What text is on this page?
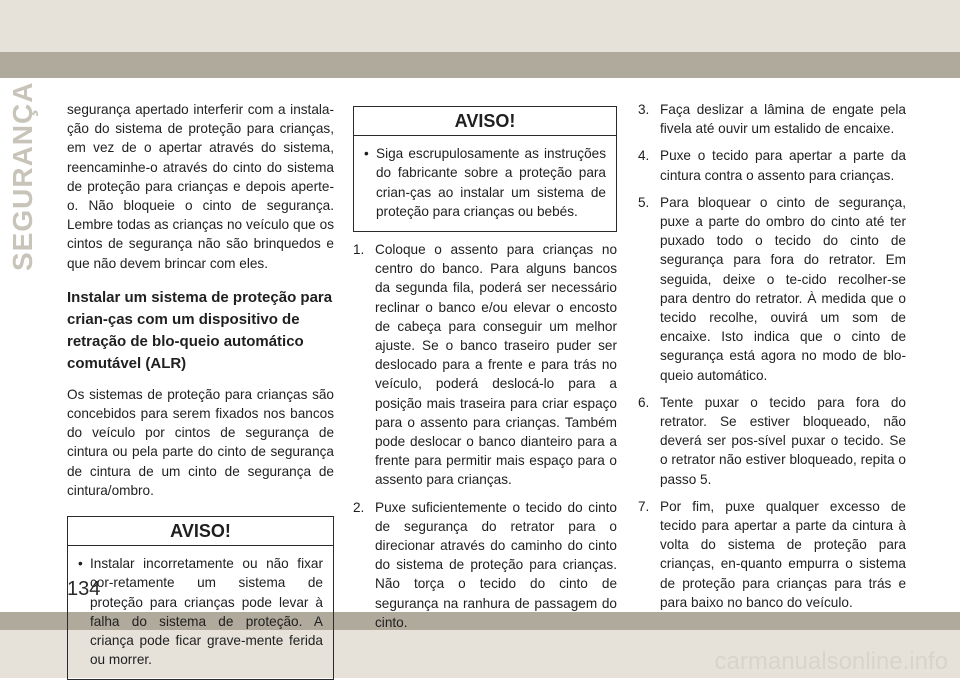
SEGURANÇA segurança apertado interferir com a instala-ção do sistema de proteção para crianças, em vez de o apertar através do sistema, reencaminhe-o através do cinto do sistema de proteção para crianças e depois aperte-o. Não bloqueie o cinto de segurança. Lembre todas as crianças no veículo que os cintos de segurança não são brinquedos e que não devem brincar com eles.

Instalar um sistema de proteção para crian-ças com um dispositivo de retração de blo-queio automático comutável (ALR)

Os sistemas de proteção para crianças são concebidos para serem fixados nos bancos do veículo por cintos de segurança de cintura ou pela parte do cinto de segurança de cintura de um cinto de segurança de cintura/ombro.

AVISO!
• Instalar incorretamente ou não fixar cor-retamente um sistema de proteção para crianças pode levar à falha do sistema de proteção. A criança pode ficar grave-mente ferida ou morrer.
AVISO!
• Siga escrupulosamente as instruções do fabricante sobre a proteção para crian-ças ao instalar um sistema de proteção para crianças ou bebés.
1. Coloque o assento para crianças no centro do banco. Para alguns bancos da segunda fila, poderá ser necessário reclinar o banco e/ou elevar o encosto de cabeça para conseguir um melhor ajuste. Se o banco traseiro puder ser deslocado para a frente e para trás no veículo, poderá deslocá-lo para a posição mais traseira para criar espaço para o assento para crianças. Também pode deslocar o banco dianteiro para a frente para permitir mais espaço para o assento para crianças.
2. Puxe suficientemente o tecido do cinto de segurança do retrator para o direcionar através do caminho do cinto do sistema de proteção para crianças. Não torça o tecido do cinto de segurança na ranhura de passagem do cinto.
3. Faça deslizar a lâmina de engate pela fivela até ouvir um estalido de encaixe.
4. Puxe o tecido para apertar a parte da cintura contra o assento para crianças.
5. Para bloquear o cinto de segurança, puxe a parte do ombro do cinto até ter puxado todo o tecido do cinto de segurança para fora do retrator. Em seguida, deixe o te-cido recolher-se para dentro do retrator. À medida que o tecido recolhe, ouvirá um som de encaixe. Isto indica que o cinto de segurança está agora no modo de blo-queio automático.
6. Tente puxar o tecido para fora do retrator. Se estiver bloqueado, não deverá ser pos-sível puxar o tecido. Se o retrator não estiver bloqueado, repita o passo 5.
7. Por fim, puxe qualquer excesso de tecido para apertar a parte da cintura à volta do sistema de proteção para crianças, en-quanto empurra o sistema de proteção para crianças para trás e para baixo no banco do veículo.
134
carmanualsonline.info
